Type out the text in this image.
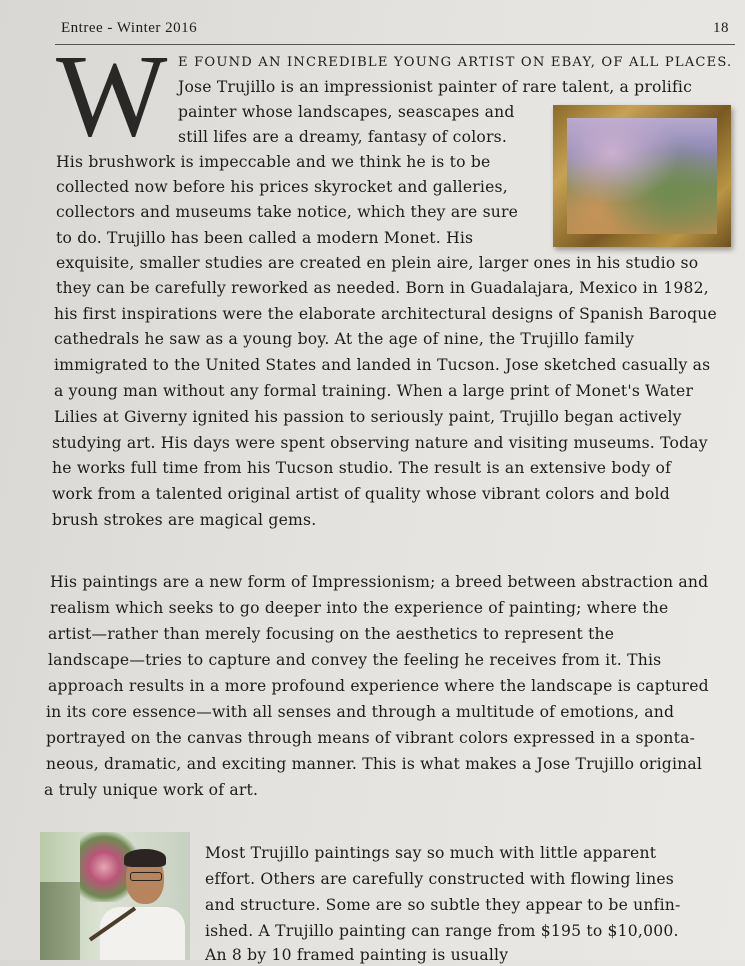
Entree - Winter 2016	18
W E FOUND AN INCREDIBLE YOUNG ARTIST ON EBAY, OF ALL PLACES.
Jose Trujillo is an impressionist painter of rare talent, a prolific
painter whose landscapes, seascapes and
still lifes are a dreamy, fantasy of colors.
His brushwork is impeccable and we think he is to be
collected now before his prices skyrocket and galleries,
collectors and museums take notice, which they are sure
to do. Trujillo has been called a modern Monet. His
exquisite, smaller studies are created en plein aire, larger ones in his studio so
they can be carefully reworked as needed. Born in Guadalajara, Mexico in 1982,
his first inspirations were the elaborate architectural designs of Spanish Baroque
cathedrals he saw as a young boy. At the age of nine, the Trujillo family
immigrated to the United States and landed in Tucson. Jose sketched casually as
a young man without any formal training. When a large print of Monet's Water
Lilies at Giverny ignited his passion to seriously paint, Trujillo began actively
studying art. His days were spent observing nature and visiting museums. Today
he works full time from his Tucson studio. The result is an extensive body of
work from a talented original artist of quality whose vibrant colors and bold
brush strokes are magical gems.
His paintings are a new form of Impressionism; a breed between abstraction and
realism which seeks to go deeper into the experience of painting; where the
artist—rather than merely focusing on the aesthetics to represent the
landscape—tries to capture and convey the feeling he receives from it. This
approach results in a more profound experience where the landscape is captured
in its core essence—with all senses and through a multitude of emotions, and
portrayed on the canvas through means of vibrant colors expressed in a sponta-
neous, dramatic, and exciting manner. This is what makes a Jose Trujillo original
a truly unique work of art.
Most Trujillo paintings say so much with little apparent
effort. Others are carefully constructed with flowing lines
and structure. Some are so subtle they appear to be unfin-
ished. A Trujillo painting can range from $195 to $10,000.
An 8 by 10 framed painting is usually
